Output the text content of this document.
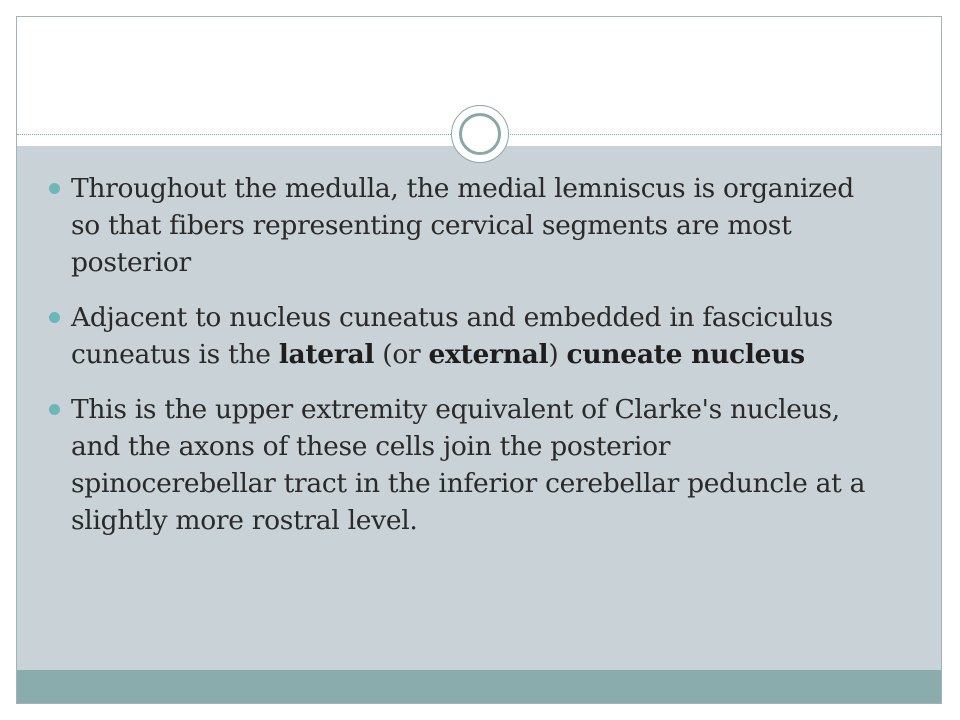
Throughout the medulla, the medial lemniscus is organized so that fibers representing cervical segments are most posterior
Adjacent to nucleus cuneatus and embedded in fasciculus cuneatus is the lateral (or external) cuneate nucleus
This is the upper extremity equivalent of Clarke's nucleus, and the axons of these cells join the posterior spinocerebellar tract in the inferior cerebellar peduncle at a slightly more rostral level.
